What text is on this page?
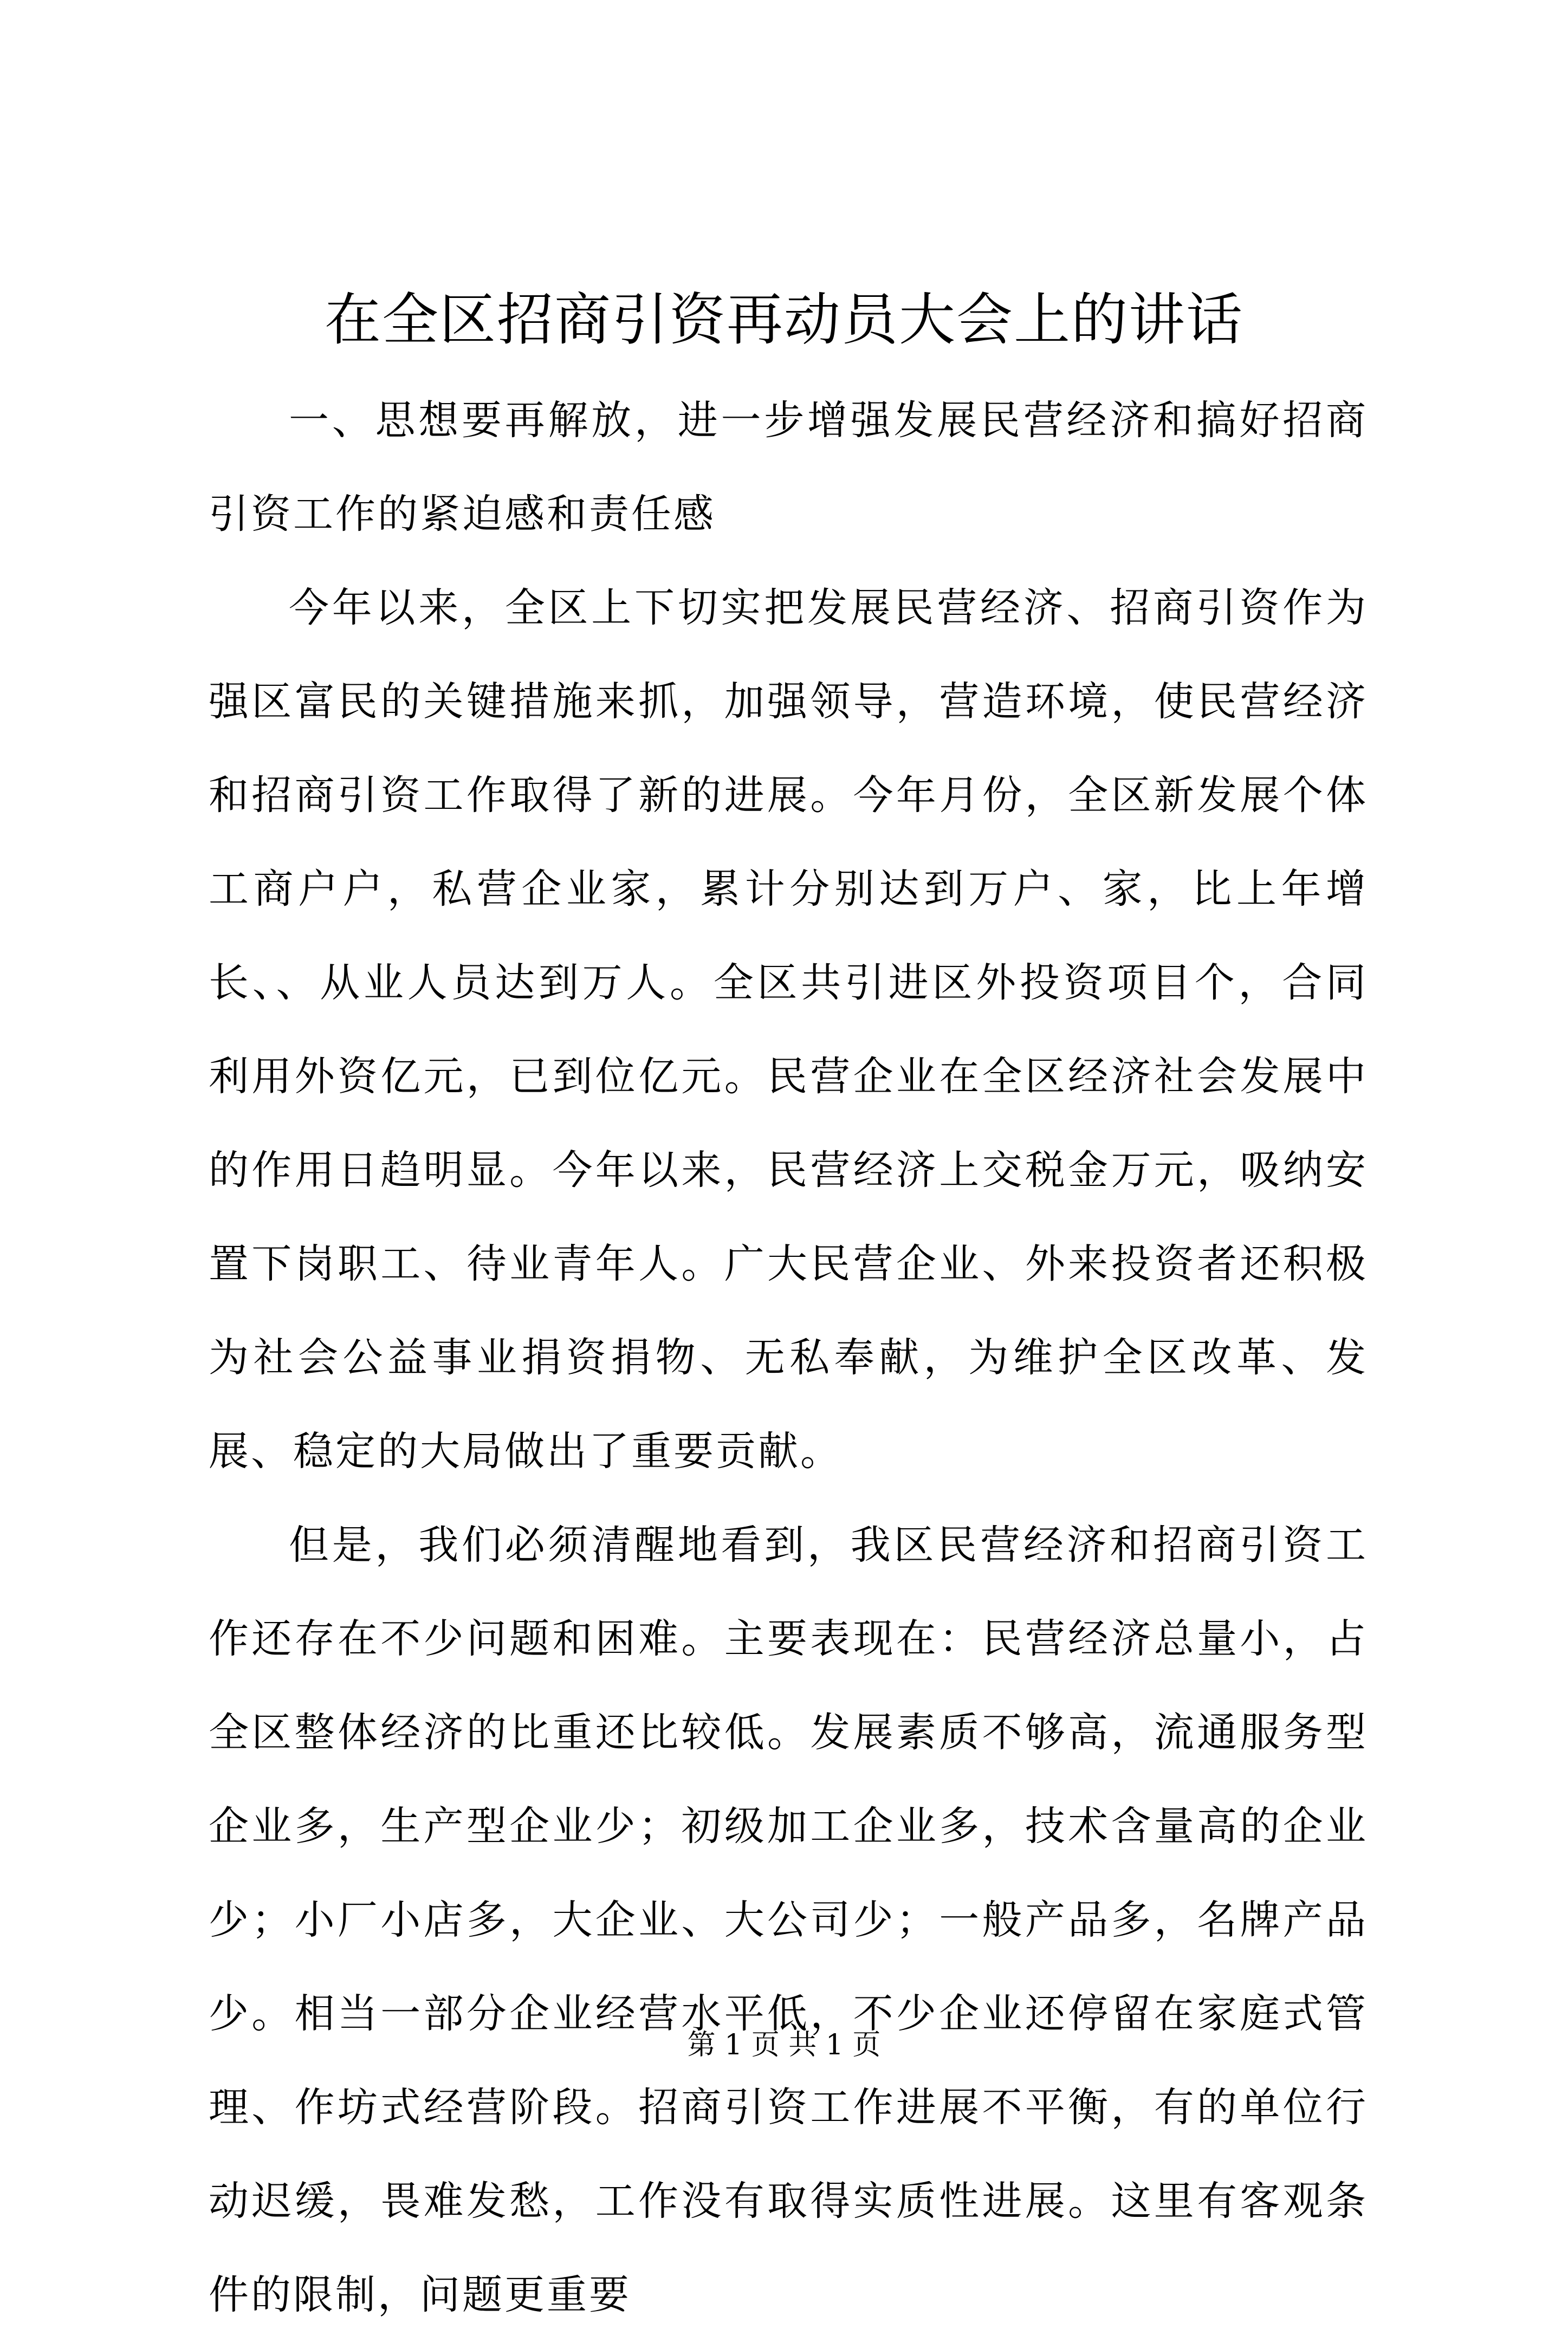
在全区招商引资再动员大会上的讲话

一、思想要再解放，进一步增强发展民营经济和搞好招商引资工作的紧迫感和责任感

今年以来，全区上下切实把发展民营经济、招商引资作为强区富民的关键措施来抓，加强领导，营造环境，使民营经济和招商引资工作取得了新的进展。今年月份，全区新发展个体工商户户，私营企业家，累计分别达到万户、家，比上年增长、、从业人员达到万人。全区共引进区外投资项目个，合同利用外资亿元，已到位亿元。民营企业在全区经济社会发展中的作用日趋明显。今年以来，民营经济上交税金万元，吸纳安置下岗职工、待业青年人。广大民营企业、外来投资者还积极为社会公益事业捐资捐物、无私奉献，为维护全区改革、发展、稳定的大局做出了重要贡献。

但是，我们必须清醒地看到，我区民营经济和招商引资工作还存在不少问题和困难。主要表现在：民营经济总量小，占全区整体经济的比重还比较低。发展素质不够高，流通服务型企业多，生产型企业少；初级加工企业多，技术含量高的企业少；小厂小店多，大企业、大公司少；一般产品多，名牌产品少。相当一部分企业经营水平低，不少企业还停留在家庭式管理、作坊式经营阶段。招商引资工作进展不平衡，有的单位行动迟缓，畏难发愁，工作没有取得实质性进展。这里有客观条件的限制，问题更重要

第 1 页 共 1 页
